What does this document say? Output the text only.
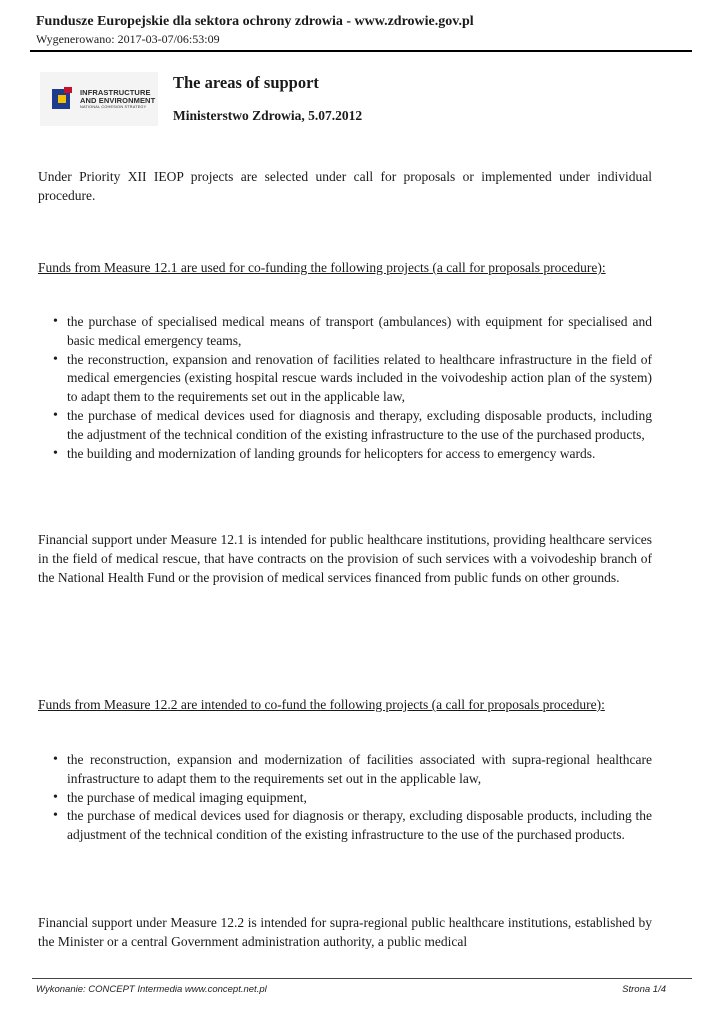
Fundusze Europejskie dla sektora ochrony zdrowia - www.zdrowie.gov.pl
Wygenerowano: 2017-03-07/06:53:09
INFRASTRUCTURE
AND ENVIRONMENT
NATIONAL COHESION STRATEGY
The areas of support
Ministerstwo Zdrowia, 5.07.2012

Under Priority XII IEOP projects are selected under call for proposals or implemented under individual procedure.

Funds from Measure 12.1 are used for co-funding the following projects (a call for proposals procedure):

• the purchase of specialised medical means of transport (ambulances) with equipment for specialised and basic medical emergency teams,
• the reconstruction, expansion and renovation of facilities related to healthcare infrastructure in the field of medical emergencies (existing hospital rescue wards included in the voivodeship action plan of the system) to adapt them to the requirements set out in the applicable law,
• the purchase of medical devices used for diagnosis and therapy, excluding disposable products, including the adjustment of the technical condition of the existing infrastructure to the use of the purchased products,
• the building and modernization of landing grounds for helicopters for access to emergency wards.

Financial support under Measure 12.1 is intended for public healthcare institutions, providing healthcare services in the field of medical rescue, that have contracts on the provision of such services with a voivodeship branch of the National Health Fund or the provision of medical services financed from public funds on other grounds.

Funds from Measure 12.2 are intended to co-fund the following projects (a call for proposals procedure):

• the reconstruction, expansion and modernization of facilities associated with supra-regional healthcare infrastructure to adapt them to the requirements set out in the applicable law,
• the purchase of medical imaging equipment,
• the purchase of medical devices used for diagnosis or therapy, excluding disposable products, including the adjustment of the technical condition of the existing infrastructure to the use of the purchased products.

Financial support under Measure 12.2 is intended for supra-regional public healthcare institutions, established by the Minister or a central Government administration authority, a public medical

Wykonanie: CONCEPT Intermedia www.concept.net.pl	Strona 1/4
